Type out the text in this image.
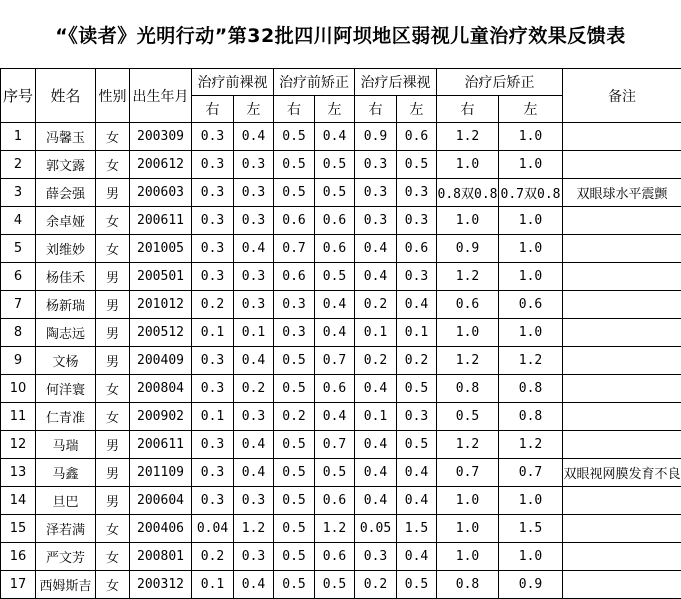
“《读者》光明行动”第32批四川阿坝地区弱视儿童治疗效果反馈表
序号	姓名	性别	出生年月	治疗前裸视		治疗前矫正		治疗后裸视		治疗后矫正		备注
				右	左	右	左	右	左	右	左	
1	冯馨玉	女	200309	0.3	0.4	0.5	0.4	0.9	0.6	1.2	1.0	
2	郭文露	女	200612	0.3	0.3	0.5	0.5	0.3	0.5	1.0	1.0	
3	薛会强	男	200603	0.3	0.3	0.5	0.5	0.3	0.3	0.8双0.8	0.7双0.8	双眼球水平震颤
4	余卓娅	女	200611	0.3	0.3	0.6	0.6	0.3	0.3	1.0	1.0	
5	刘维妙	女	201005	0.3	0.4	0.7	0.6	0.4	0.6	0.9	1.0	
6	杨佳禾	男	200501	0.3	0.3	0.6	0.5	0.4	0.3	1.2	1.0	
7	杨新瑞	男	201012	0.2	0.3	0.3	0.4	0.2	0.4	0.6	0.6	
8	陶志远	男	200512	0.1	0.1	0.3	0.4	0.1	0.1	1.0	1.0	
9	文杨	男	200409	0.3	0.4	0.5	0.7	0.2	0.2	1.2	1.2	
10	何洋寰	女	200804	0.3	0.2	0.5	0.6	0.4	0.5	0.8	0.8	
11	仁青准	女	200902	0.1	0.3	0.2	0.4	0.1	0.3	0.5	0.8	
12	马瑞	男	200611	0.3	0.4	0.5	0.7	0.4	0.5	1.2	1.2	
13	马鑫	男	201109	0.3	0.4	0.5	0.5	0.4	0.4	0.7	0.7	双眼视网膜发育不良
14	旦巴	男	200604	0.3	0.3	0.5	0.6	0.4	0.4	1.0	1.0	
15	泽若满	女	200406	0.04	1.2	0.5	1.2	0.05	1.5	1.0	1.5	
16	严文芳	女	200801	0.2	0.3	0.5	0.6	0.3	0.4	1.0	1.0	
17	西姆斯吉	女	200312	0.1	0.4	0.5	0.5	0.2	0.5	0.8	0.9	
